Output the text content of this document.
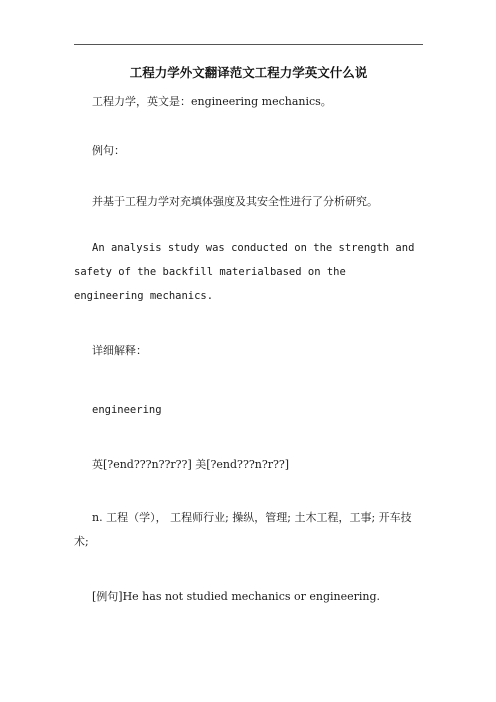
工程力学外文翻译范文工程力学英文什么说

工程力学，英文是：engineering mechanics。

例句：

并基于工程力学对充填体强度及其安全性进行了分析研究。

An analysis study was conducted on the strength and safety of the backfill materialbased on the engineering mechanics.

详细解释：

engineering

英[?end???n??r??] 美[?end???n?r??]

n. 工程（学）， 工程师行业; 操纵，管理; 土木工程，工事; 开车技术;

[例句]He has not studied mechanics or engineering.
